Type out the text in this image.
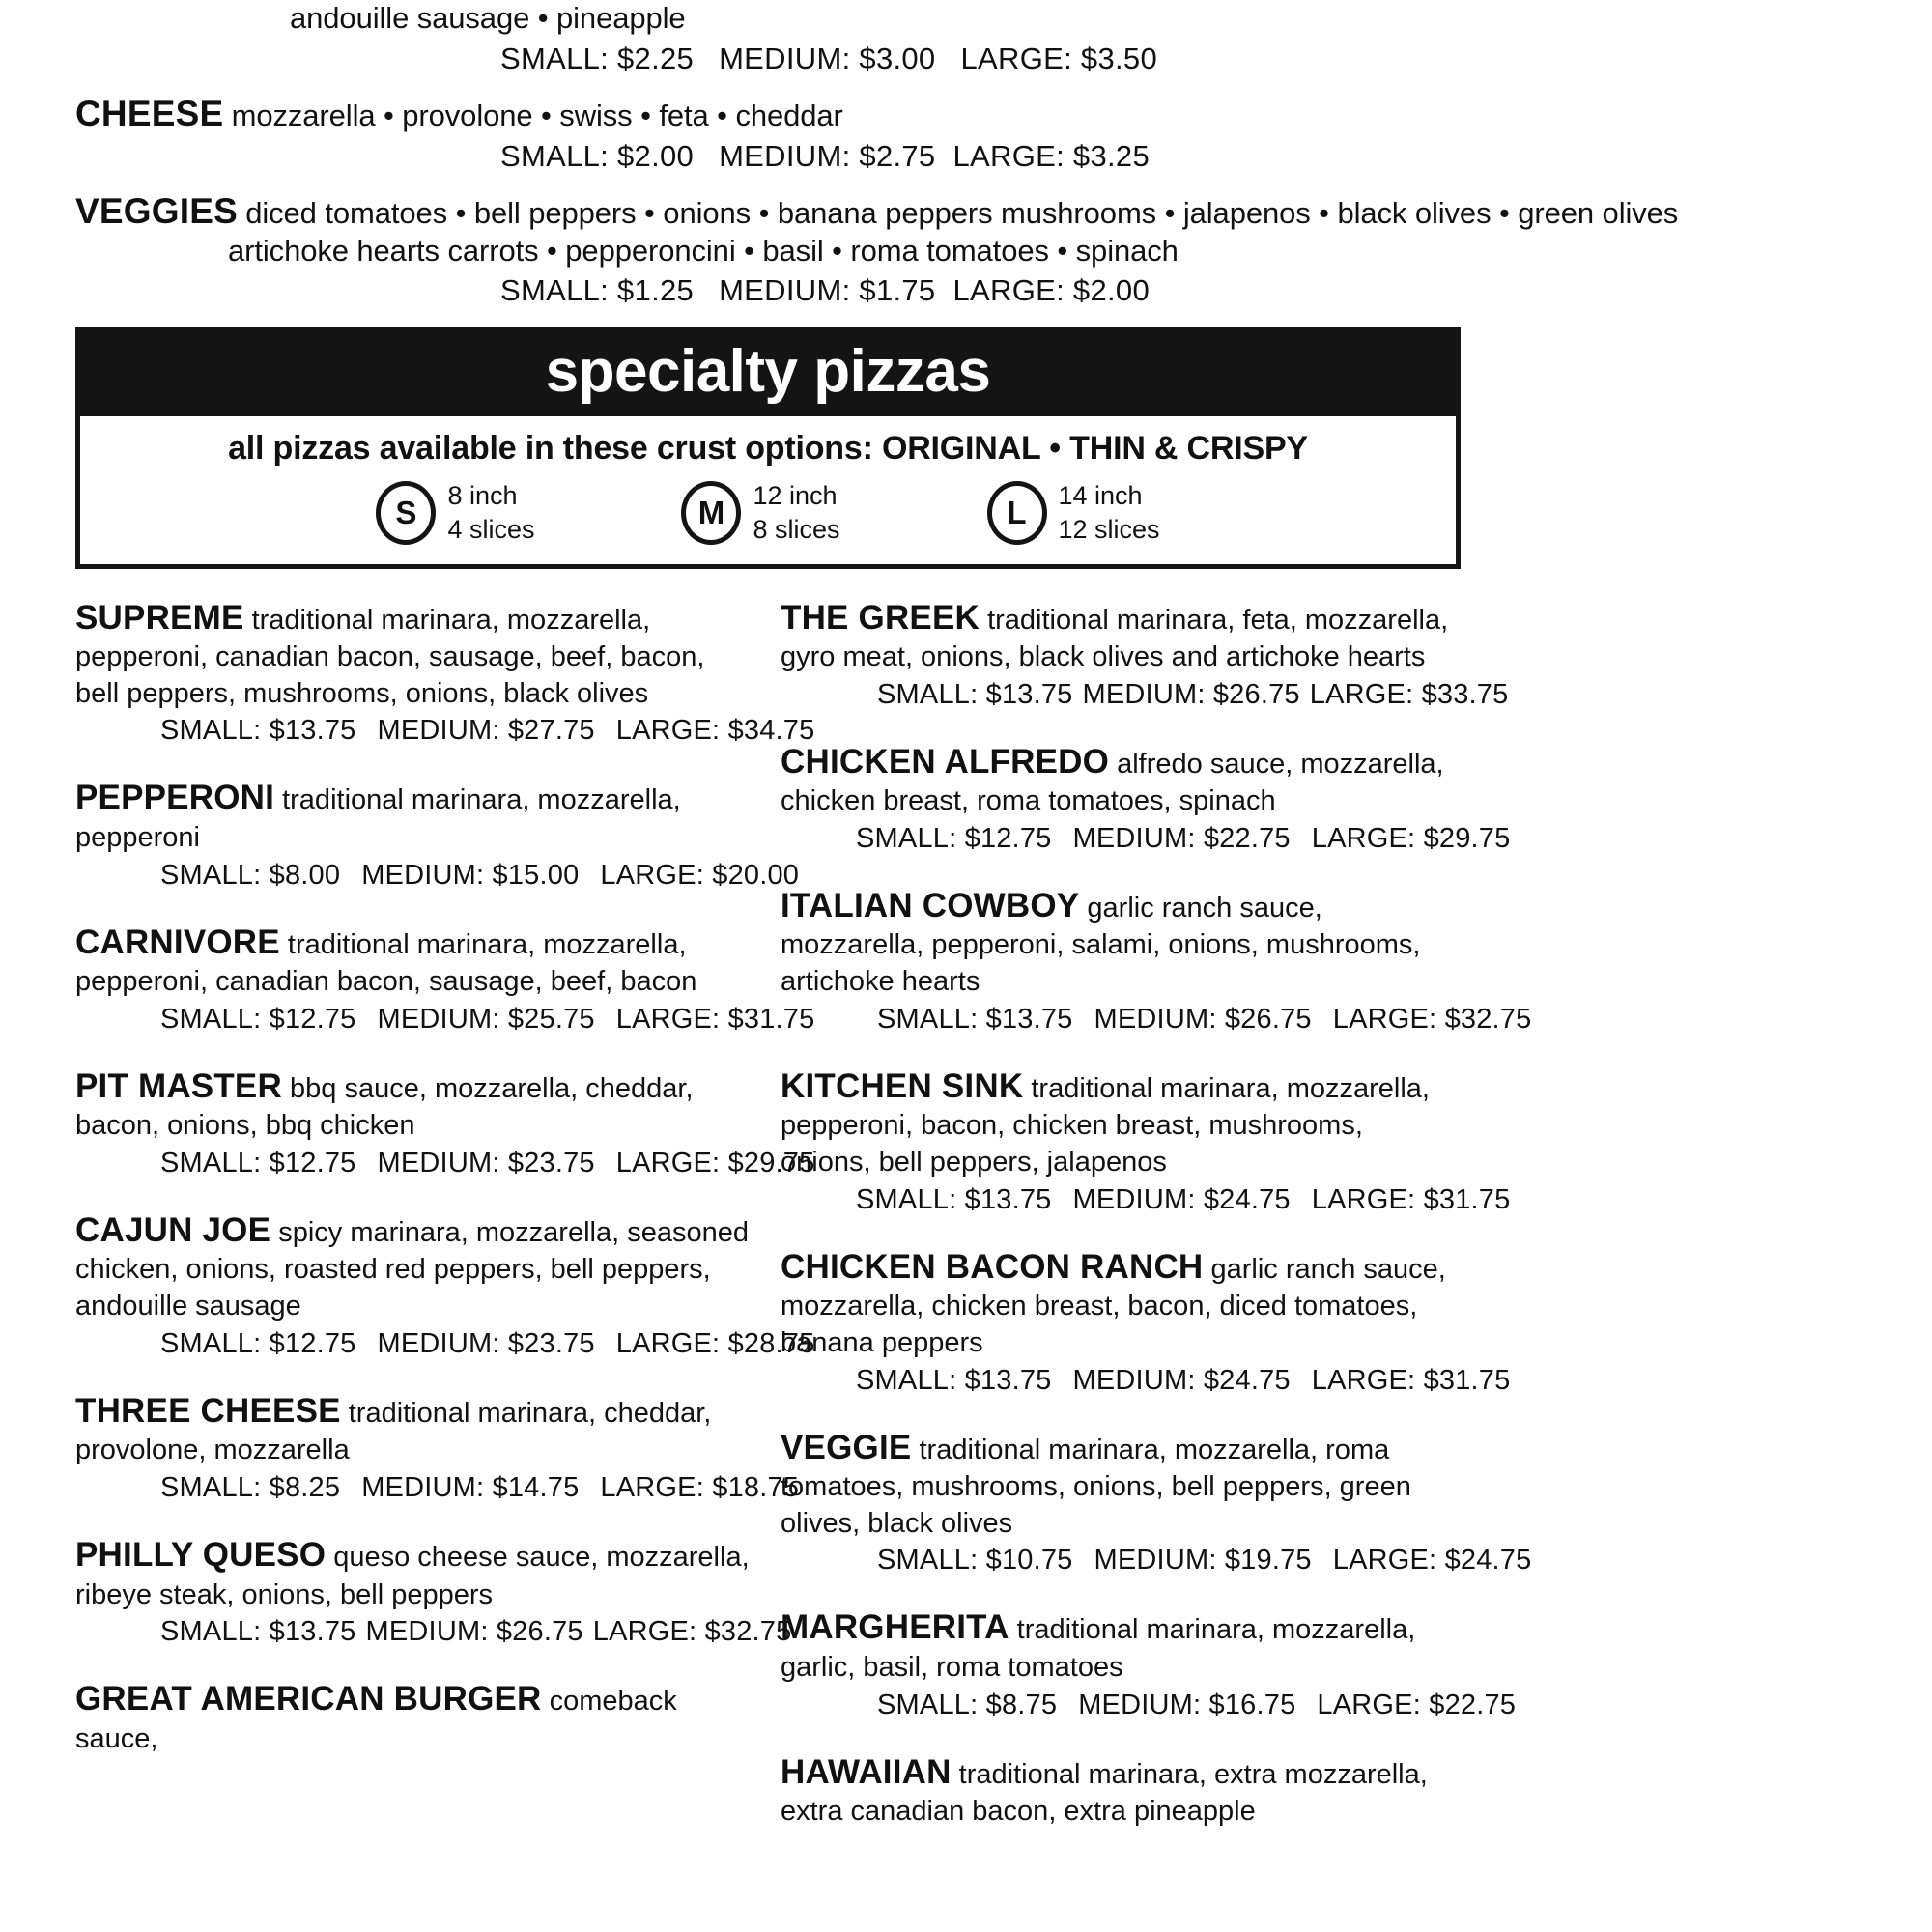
andouille sausage • pineapple
SMALL: $2.25 MEDIUM: $3.00 LARGE: $3.50
CHEESE mozzarella • provolone • swiss • feta • cheddar
SMALL: $2.00 MEDIUM: $2.75 LARGE: $3.25
VEGGIES diced tomatoes • bell peppers • onions • banana peppers mushrooms • jalapenos • black olives • green olives
artichoke hearts carrots • pepperoncini • basil • roma tomatoes • spinach
SMALL: $1.25 MEDIUM: $1.75 LARGE: $2.00
specialty pizzas
all pizzas available in these crust options: ORIGINAL • THIN & CRISPY
S	8 inch
4 slices	M	12 inch
8 slices	L	14 inch
12 slices
SUPREME traditional marinara, mozzarella, pepperoni, canadian bacon, sausage, beef, bacon, bell peppers, mushrooms, onions, black olives
SMALL: $13.75 MEDIUM: $27.75 LARGE: $34.75
PEPPERONI traditional marinara, mozzarella, pepperoni
SMALL: $8.00 MEDIUM: $15.00 LARGE: $20.00
CARNIVORE traditional marinara, mozzarella, pepperoni, canadian bacon, sausage, beef, bacon
SMALL: $12.75 MEDIUM: $25.75 LARGE: $31.75
PIT MASTER bbq sauce, mozzarella, cheddar, bacon, onions, bbq chicken
SMALL: $12.75 MEDIUM: $23.75 LARGE: $29.75
CAJUN JOE spicy marinara, mozzarella, seasoned chicken, onions, roasted red peppers, bell peppers, andouille sausage
SMALL: $12.75 MEDIUM: $23.75 LARGE: $28.75
THREE CHEESE traditional marinara, cheddar, provolone, mozzarella
SMALL: $8.25 MEDIUM: $14.75 LARGE: $18.75
PHILLY QUESO queso cheese sauce, mozzarella, ribeye steak, onions, bell peppers
SMALL: $13.75 MEDIUM: $26.75 LARGE: $32.75
GREAT AMERICAN BURGER comeback sauce,
THE GREEK traditional marinara, feta, mozzarella, gyro meat, onions, black olives and artichoke hearts
SMALL: $13.75 MEDIUM: $26.75 LARGE: $33.75
CHICKEN ALFREDO alfredo sauce, mozzarella, chicken breast, roma tomatoes, spinach
SMALL: $12.75 MEDIUM: $22.75 LARGE: $29.75
ITALIAN COWBOY garlic ranch sauce, mozzarella, pepperoni, salami, onions, mushrooms, artichoke hearts
SMALL: $13.75 MEDIUM: $26.75 LARGE: $32.75
KITCHEN SINK traditional marinara, mozzarella, pepperoni, bacon, chicken breast, mushrooms, onions, bell peppers, jalapenos
SMALL: $13.75 MEDIUM: $24.75 LARGE: $31.75
CHICKEN BACON RANCH garlic ranch sauce, mozzarella, chicken breast, bacon, diced tomatoes, banana peppers
SMALL: $13.75 MEDIUM: $24.75 LARGE: $31.75
VEGGIE traditional marinara, mozzarella, roma tomatoes, mushrooms, onions, bell peppers, green olives, black olives
SMALL: $10.75 MEDIUM: $19.75 LARGE: $24.75
MARGHERITA traditional marinara, mozzarella, garlic, basil, roma tomatoes
SMALL: $8.75 MEDIUM: $16.75 LARGE: $22.75
HAWAIIAN traditional marinara, extra mozzarella, extra canadian bacon, extra pineapple
